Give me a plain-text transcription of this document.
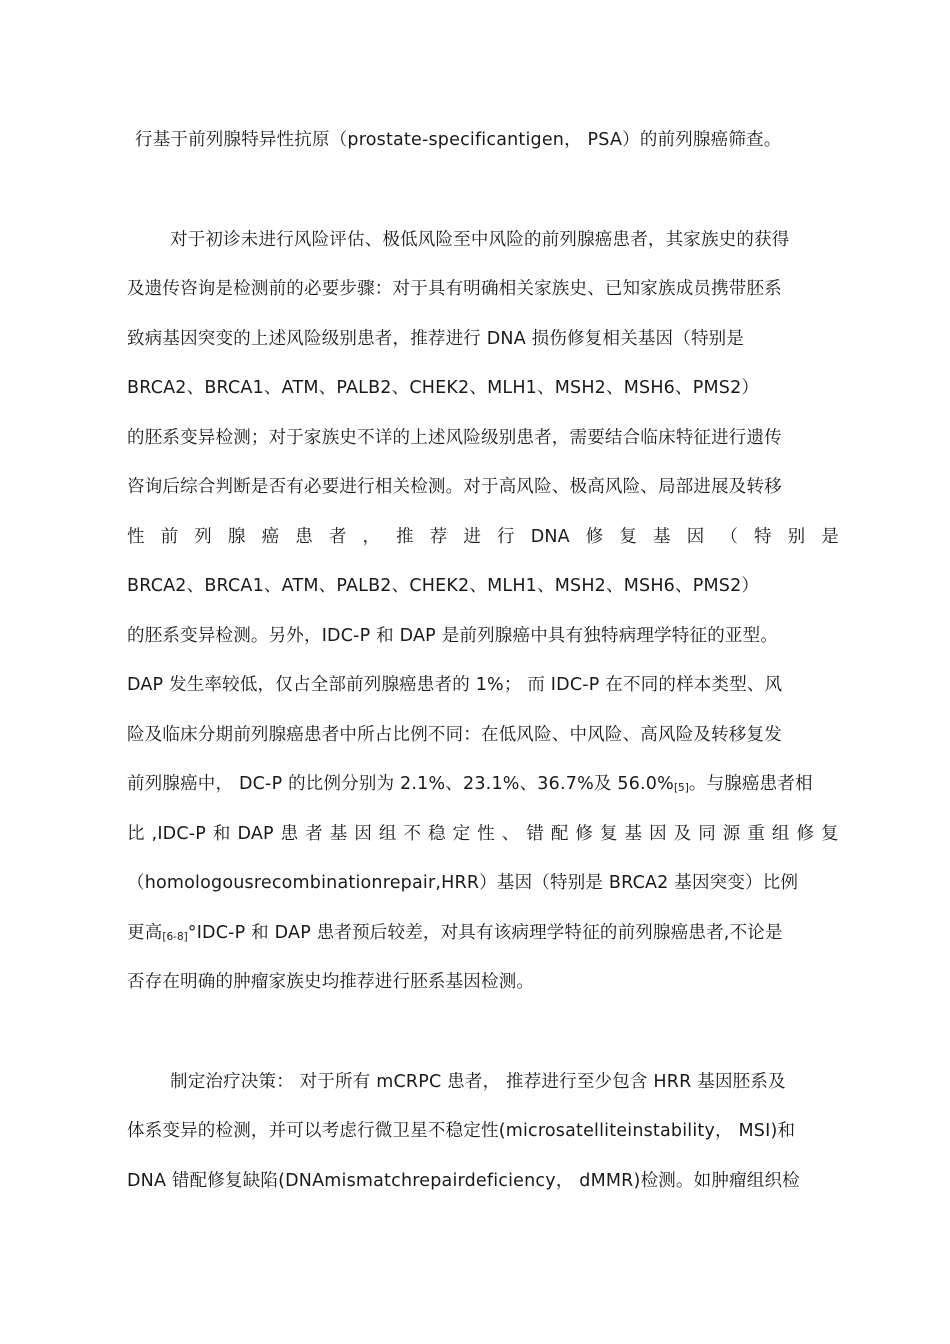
行基于前列腺特异性抗原（prostate-specificantigen， PSA）的前列腺癌筛查。
对于初诊未进行风险评估、极低风险至中风险的前列腺癌患者，其家族史的获得
及遗传咨询是检测前的必要步骤：对于具有明确相关家族史、已知家族成员携带胚系
致病基因突变的上述风险级别患者，推荐进行 DNA 损伤修复相关基因（特别是
BRCA2、BRCA1、ATM、PALB2、CHEK2、MLH1、MSH2、MSH6、PMS2）
的胚系变异检测；对于家族史不详的上述风险级别患者，需要结合临床特征进行遗传
咨询后综合判断是否有必要进行相关检测。对于高风险、极高风险、局部进展及转移
性 前 列 腺 癌 患 者 ， 推 荐 进 行 DNA 修 复 基 因 （ 特 别 是
BRCA2、BRCA1、ATM、PALB2、CHEK2、MLH1、MSH2、MSH6、PMS2）
的胚系变异检测。另外，IDC-P 和 DAP 是前列腺癌中具有独特病理学特征的亚型。
DAP 发生率较低，仅占全部前列腺癌患者的 1%； 而 IDC-P 在不同的样本类型、风
险及临床分期前列腺癌患者中所占比例不同：在低风险、中风险、高风险及转移复发
前列腺癌中， DC-P 的比例分别为 2.1%、23.1%、36.7%及 56.0%[5]。与腺癌患者相
比 ,IDC-P 和 DAP 患 者 基 因 组 不 稳 定 性 、 错 配 修 复 基 因 及 同 源 重 组 修 复
（homologousrecombinationrepair,HRR）基因（特别是 BRCA2 基因突变）比例
更高[6-8]°IDC-P 和 DAP 患者预后较差，对具有该病理学特征的前列腺癌患者,不论是
否存在明确的肿瘤家族史均推荐进行胚系基因检测。
制定治疗决策： 对于所有 mCRPC 患者， 推荐进行至少包含 HRR 基因胚系及
体系变异的检测，并可以考虑行微卫星不稳定性(microsatelliteinstability， MSI)和
DNA 错配修复缺陷(DNAmismatchrepairdeficiency， dMMR)检测。如肿瘤组织检
